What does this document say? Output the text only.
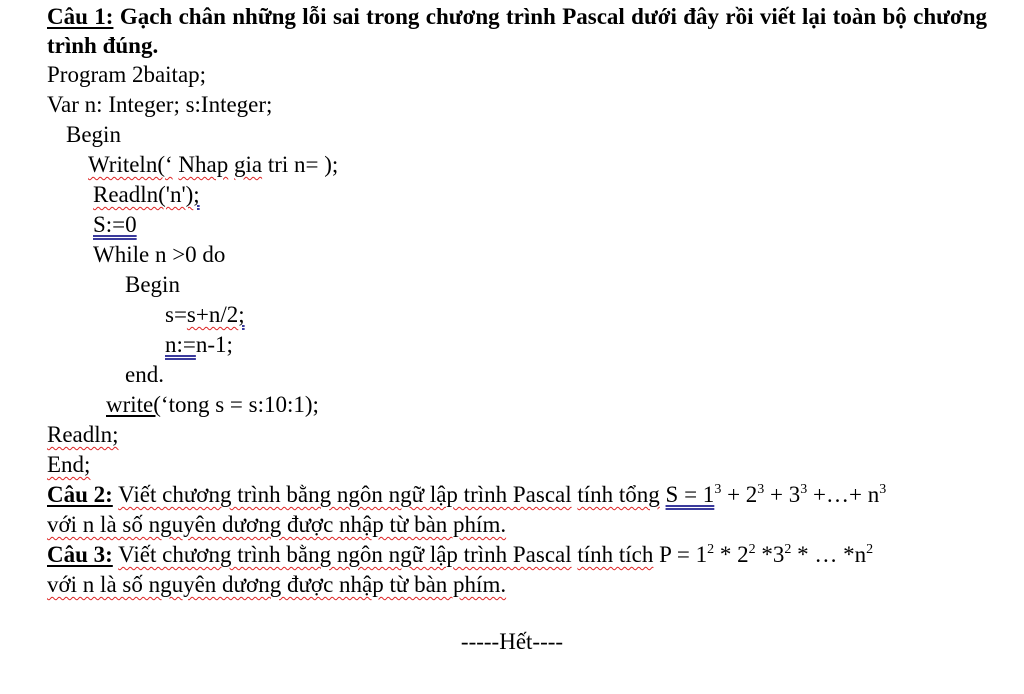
Câu 1: Gạch chân những lỗi sai trong chương trình Pascal dưới đây rồi viết lại toàn bộ chương trình đúng.
Program 2baitap;
Var n: Integer; s:Integer;
Begin
Writeln(‘ Nhap gia tri n= );
Readln('n');
S:=0
While n >0 do
Begin
s=s+n/2;
n:=n-1;
end.
write(‘tong s = s:10:1);
Readln;
End;
Câu 2: Viết chương trình bằng ngôn ngữ lập trình Pascal tính tổng $S = 1^3 + 2^3 + 3^3$ +…+ $n^3$
với n là số nguyên dương được nhập từ bàn phím.
Câu 3: Viết chương trình bằng ngôn ngữ lập trình Pascal tính tích $P = 1^2 * 2^2$ $*3^2$ * … $*n^2$
với n là số nguyên dương được nhập từ bàn phím.
-----Hết----
